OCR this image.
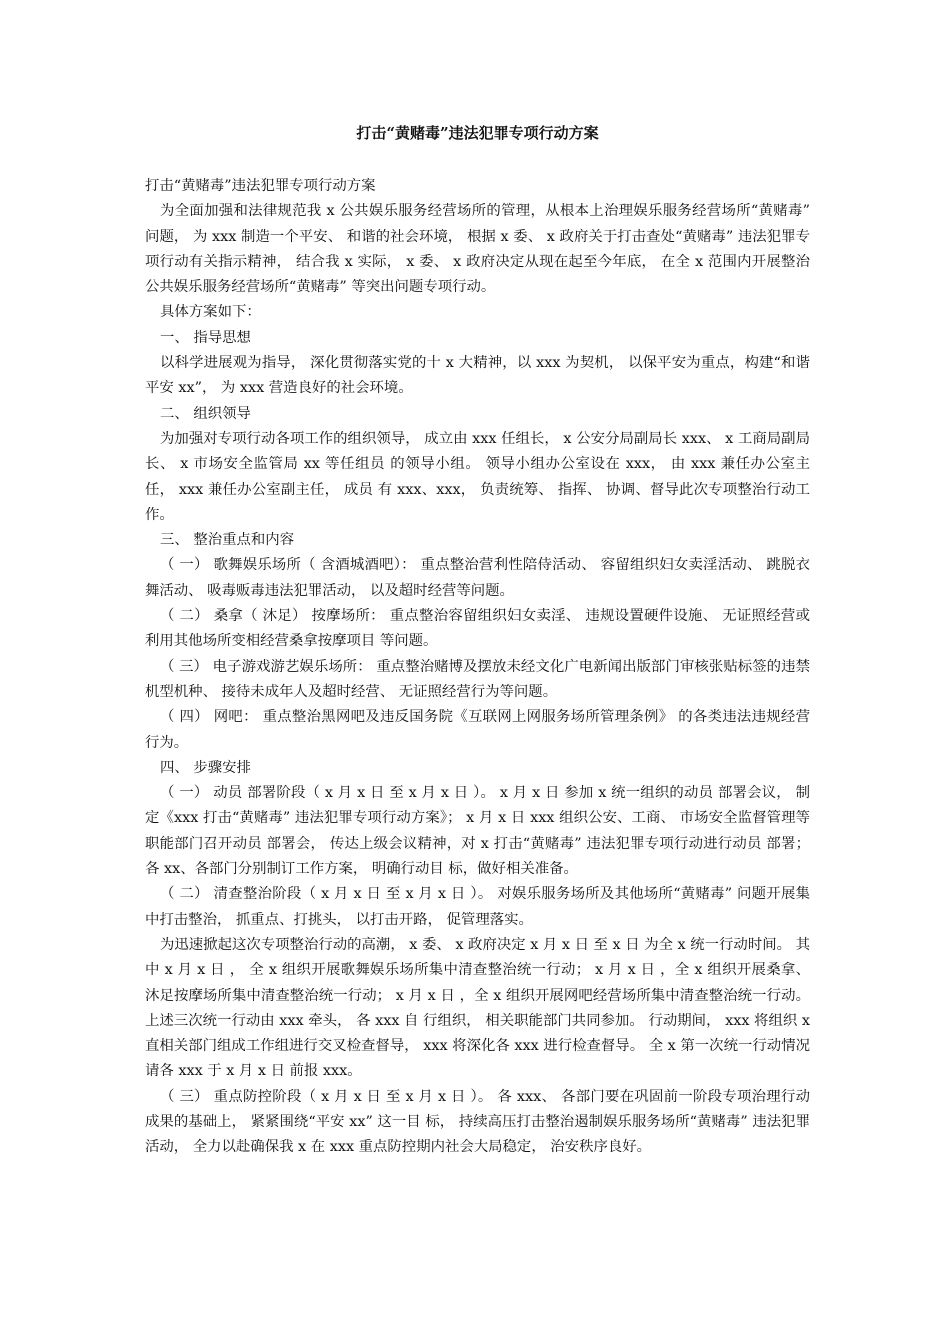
打击“黄赌毒”违法犯罪专项行动方案

打击“黄赌毒”违法犯罪专项行动方案

为全面加强和法律规范我 x 公共娱乐服务经营场所的管理，从根本上治理娱乐服务经营场所“黄赌毒” 问题， 为 xxx 制造一个平安、 和谐的社会环境， 根据 x 委、 x 政府关于打击查处“黄赌毒” 违法犯罪专项行动有关指示精神， 结合我 x 实际， x 委、 x 政府决定从现在起至今年底， 在全 x 范围内开展整治公共娱乐服务经营场所“黄赌毒” 等突出问题专项行动。

具体方案如下：

一、 指导思想

以科学进展观为指导， 深化贯彻落实党的十 x 大精神，以 xxx 为契机， 以保平安为重点，构建“和谐平安 xx”， 为 xxx 营造良好的社会环境。

二、 组织领导

为加强对专项行动各项工作的组织领导， 成立由 xxx 任组长， x 公安分局副局长 xxx、 x 工商局副局长、 x 市场安全监管局 xx 等任组员 的领导小组。 领导小组办公室设在 xxx， 由 xxx 兼任办公室主任， xxx 兼任办公室副主任， 成员 有 xxx、xxx， 负责统筹、 指挥、 协调、督导此次专项整治行动工作。

三、 整治重点和内容

（ 一） 歌舞娱乐场所（ 含酒城酒吧）： 重点整治营利性陪侍活动、 容留组织妇女卖淫活动、 跳脱衣舞活动、 吸毒贩毒违法犯罪活动， 以及超时经营等问题。

（ 二） 桑拿（ 沐足） 按摩场所： 重点整治容留组织妇女卖淫、 违规设置硬件设施、 无证照经营或利用其他场所变相经营桑拿按摩项目 等问题。

（ 三） 电子游戏游艺娱乐场所： 重点整治赌博及摆放未经文化广电新闻出版部门审核张贴标签的违禁机型机种、 接待未成年人及超时经营、 无证照经营行为等问题。

（ 四） 网吧： 重点整治黑网吧及违反国务院《互联网上网服务场所管理条例》 的各类违法违规经营行为。

四、 步骤安排

（ 一） 动员 部署阶段（ x 月 x 日 至 x 月 x 日 ）。 x 月 x 日 参加 x 统一组织的动员 部署会议， 制定《xxx 打击“黄赌毒” 违法犯罪专项行动方案》； x 月 x 日 xxx 组织公安、工商、 市场安全监督管理等职能部门召开动员 部署会， 传达上级会议精神，对 x 打击“黄赌毒” 违法犯罪专项行动进行动员 部署； 各 xx、各部门分别制订工作方案， 明确行动目 标，做好相关准备。

（ 二） 清查整治阶段（ x 月 x 日 至 x 月 x 日 ）。 对娱乐服务场所及其他场所“黄赌毒” 问题开展集中打击整治， 抓重点、打挑头， 以打击开路， 促管理落实。

为迅速掀起这次专项整治行动的高潮， x 委、 x 政府决定 x 月 x 日 至 x 日 为全 x 统一行动时间。 其中 x 月 x 日 ， 全 x 组织开展歌舞娱乐场所集中清查整治统一行动； x 月 x 日 ，全 x 组织开展桑拿、 沐足按摩场所集中清查整治统一行动； x 月 x 日 ，全 x 组织开展网吧经营场所集中清查整治统一行动。 上述三次统一行动由 xxx 牵头， 各 xxx 自 行组织， 相关职能部门共同参加。 行动期间， xxx 将组织 x 直相关部门组成工作组进行交叉检查督导， xxx 将深化各 xxx 进行检查督导。 全 x 第一次统一行动情况请各 xxx 于 x 月 x 日 前报 xxx。

（ 三） 重点防控阶段（ x 月 x 日 至 x 月 x 日 ）。 各 xxx、 各部门要在巩固前一阶段专项治理行动成果的基础上， 紧紧围绕“平安 xx” 这一目 标， 持续高压打击整治遏制娱乐服务场所“黄赌毒” 违法犯罪活动， 全力以赴确保我 x 在 xxx 重点防控期内社会大局稳定， 治安秩序良好。
